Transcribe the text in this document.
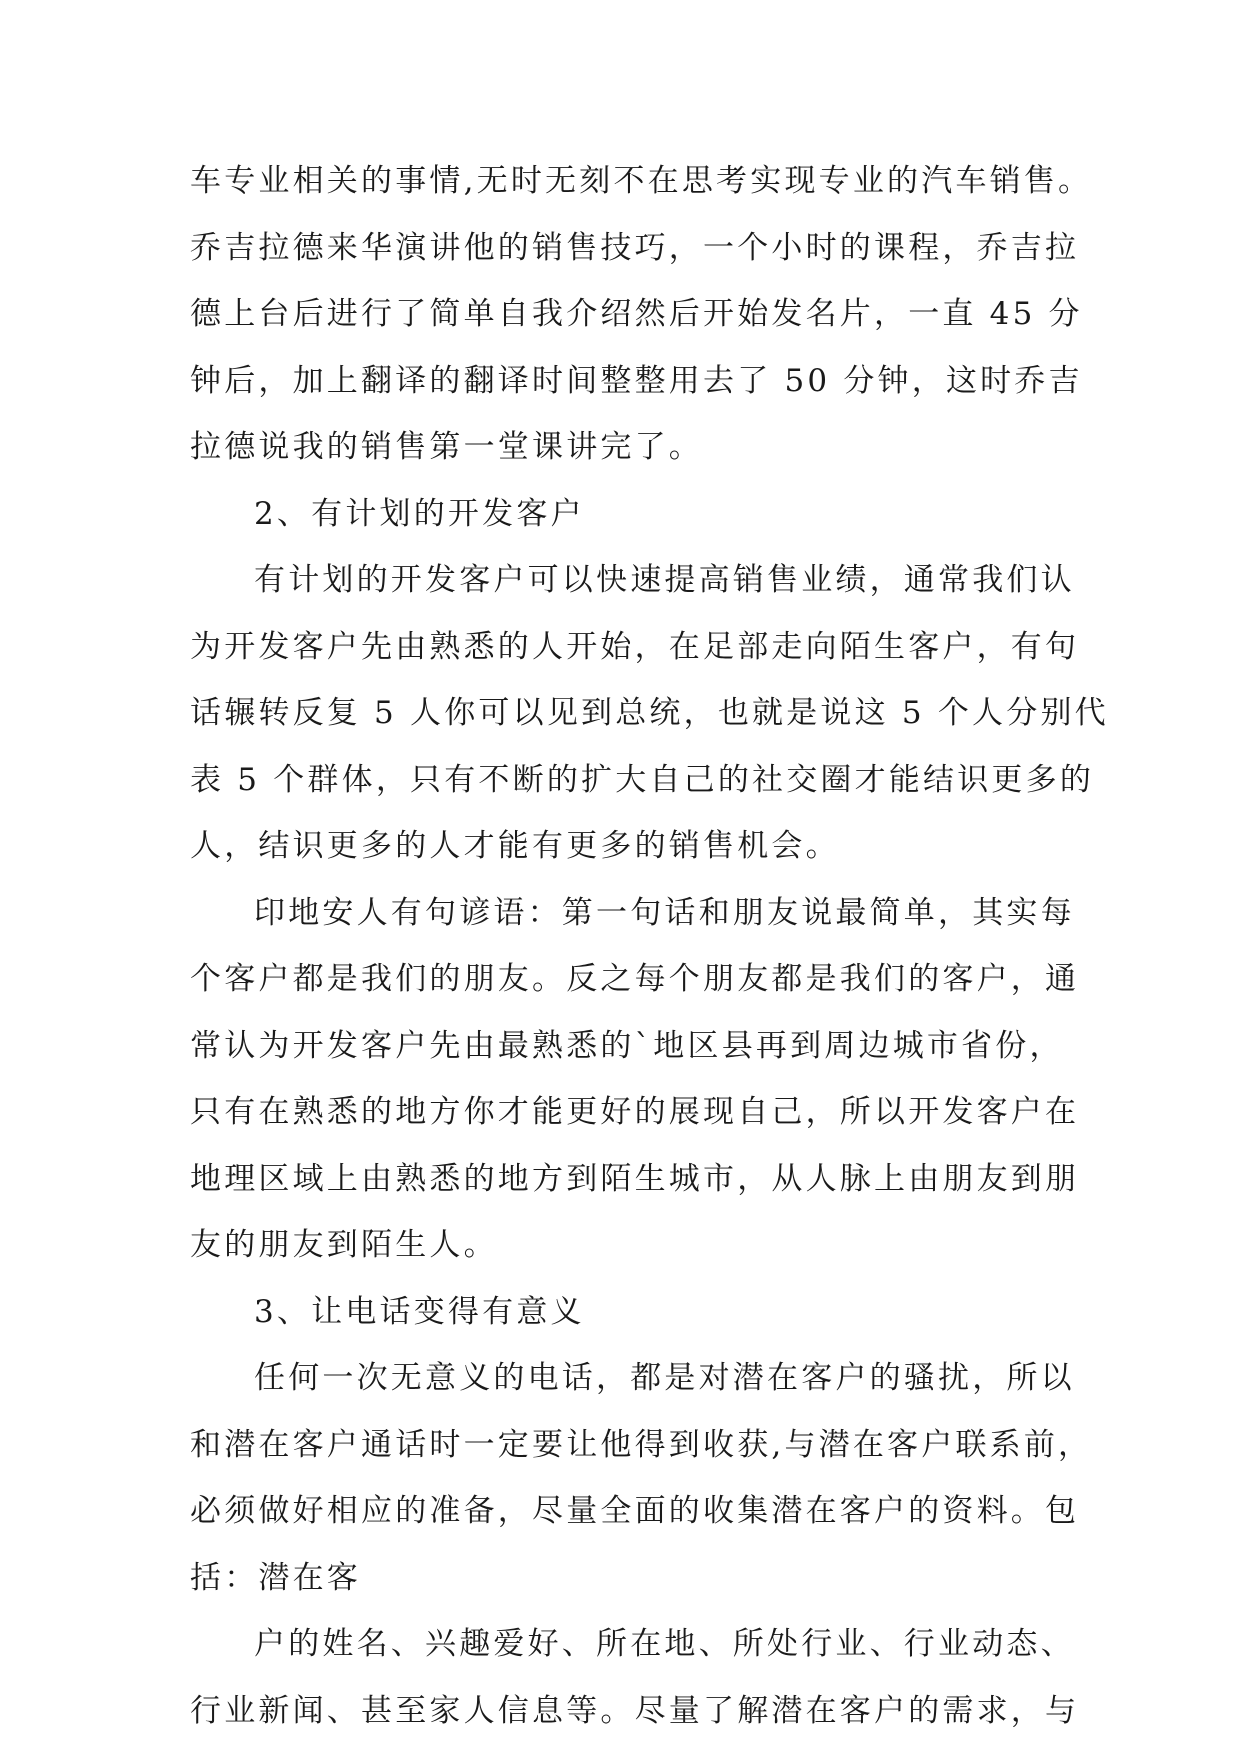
车专业相关的事情,无时无刻不在思考实现专业的汽车销售。
乔吉拉德来华演讲他的销售技巧，一个小时的课程，乔吉拉
德上台后进行了简单自我介绍然后开始发名片，一直 45 分
钟后，加上翻译的翻译时间整整用去了 50 分钟，这时乔吉
拉德说我的销售第一堂课讲完了。
2、有计划的开发客户
有计划的开发客户可以快速提高销售业绩，通常我们认
为开发客户先由熟悉的人开始，在足部走向陌生客户，有句
话辗转反复 5 人你可以见到总统，也就是说这 5 个人分别代
表 5 个群体，只有不断的扩大自己的社交圈才能结识更多的
人，结识更多的人才能有更多的销售机会。
印地安人有句谚语：第一句话和朋友说最简单，其实每
个客户都是我们的朋友。反之每个朋友都是我们的客户，通
常认为开发客户先由最熟悉的`地区县再到周边城市省份，
只有在熟悉的地方你才能更好的展现自己，所以开发客户在
地理区域上由熟悉的地方到陌生城市，从人脉上由朋友到朋
友的朋友到陌生人。
3、让电话变得有意义
任何一次无意义的电话，都是对潜在客户的骚扰，所以
和潜在客户通话时一定要让他得到收获,与潜在客户联系前，
必须做好相应的准备，尽量全面的收集潜在客户的资料。包
括：潜在客
户的姓名、兴趣爱好、所在地、所处行业、行业动态、
行业新闻、甚至家人信息等。尽量了解潜在客户的需求，与
